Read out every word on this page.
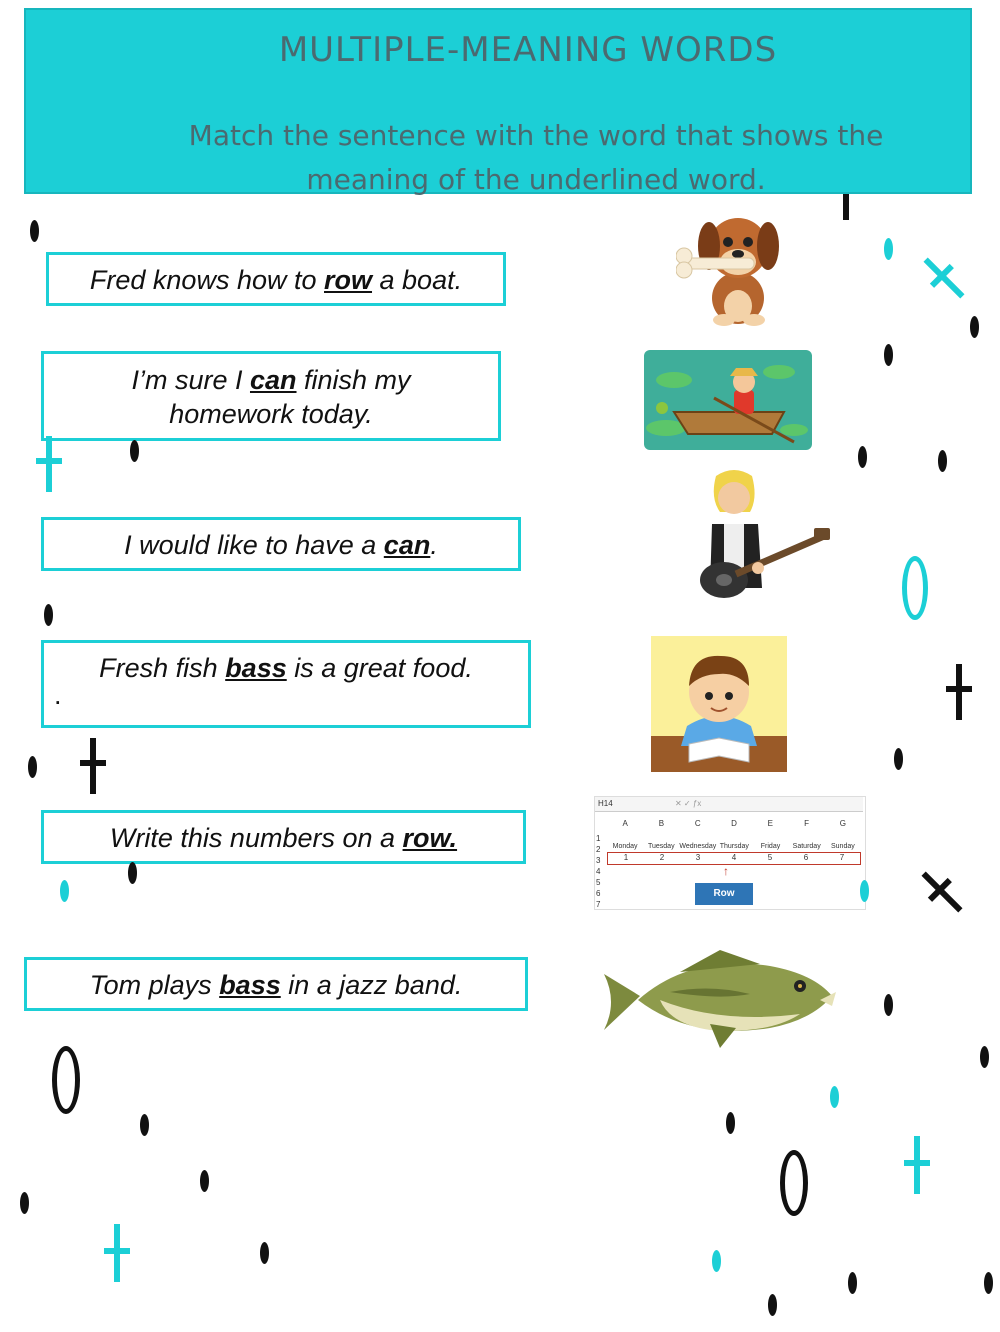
MULTIPLE-MEANING WORDS
Match the sentence with the word that shows the
meaning of the underlined word.
Fred knows how to row a boat.
I’m sure I can finish my
homework today.
I would like to have a can.
Fresh fish bass is a great food.
.
Write this numbers on a row.
Tom plays bass in a jazz band.
H14	✕ ✓ ƒx
A	B	C	D	E	F	G
1
2
3
4
5
6
7
Monday	Tuesday Wednesday Thursday	Friday	Saturday	Sunday
1	2	3	4	5	6	7
↑
Row
